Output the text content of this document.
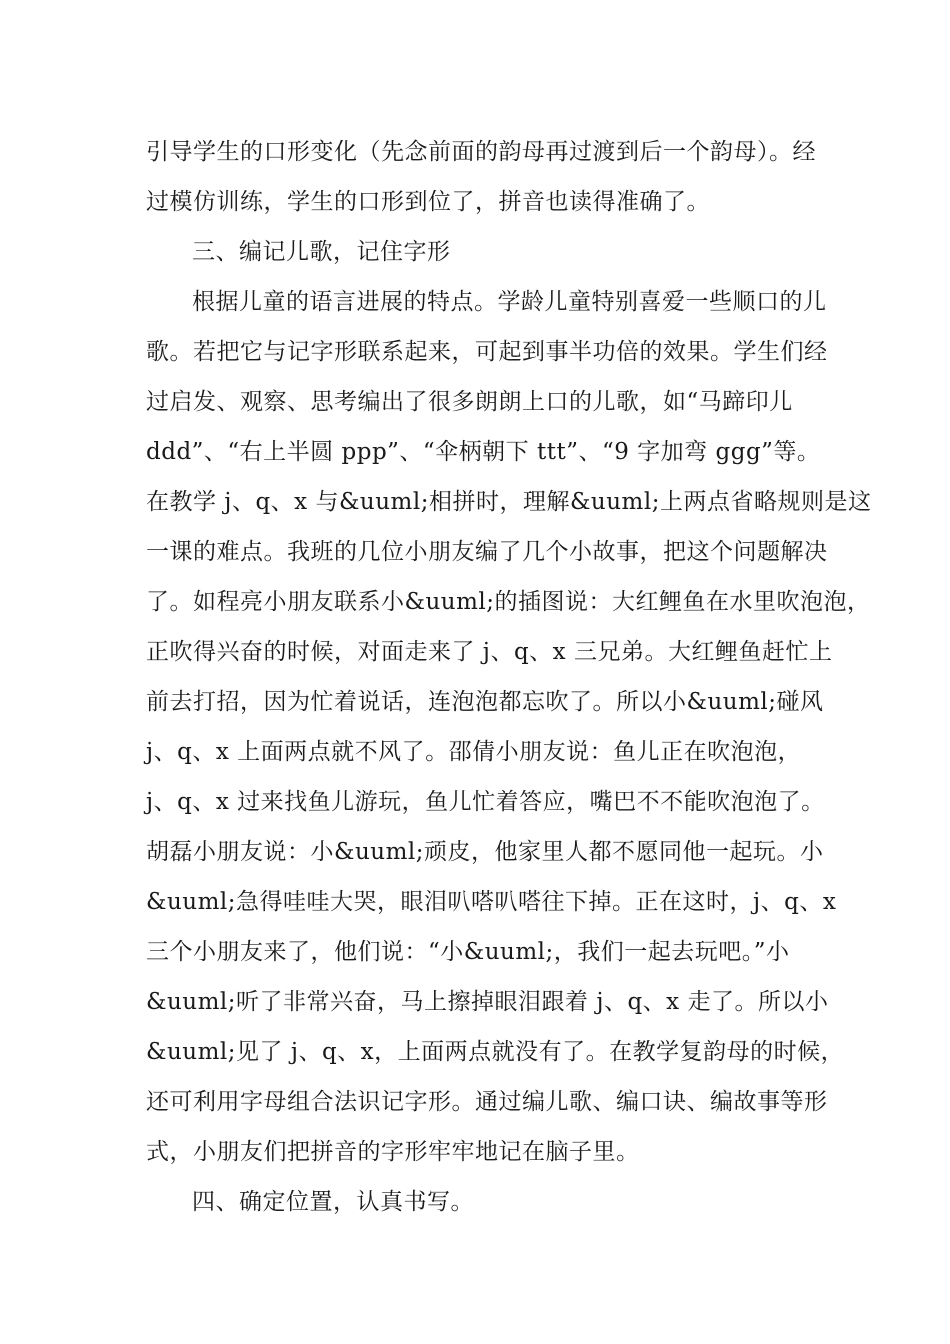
引导学生的口形变化（先念前面的韵母再过渡到后一个韵母）。经

过模仿训练，学生的口形到位了，拼音也读得准确了。

三、编记儿歌，记住字形

根据儿童的语言进展的特点。学龄儿童特别喜爱一些顺口的儿

歌。若把它与记字形联系起来，可起到事半功倍的效果。学生们经

过启发、观察、思考编出了很多朗朗上口的儿歌，如“马蹄印儿

ddd”、“右上半圆 ppp”、“伞柄朝下 ttt”、“9 字加弯 ggg”等。

在教学 j、q、x 与&uuml;相拼时，理解&uuml;上两点省略规则是这

一课的难点。我班的几位小朋友编了几个小故事，把这个问题解决

了。如程亮小朋友联系小&uuml;的插图说：大红鲤鱼在水里吹泡泡，

正吹得兴奋的时候，对面走来了 j、q、x 三兄弟。大红鲤鱼赶忙上

前去打招，因为忙着说话，连泡泡都忘吹了。所以小&uuml;碰风

j、q、x 上面两点就不风了。邵倩小朋友说：鱼儿正在吹泡泡，

j、q、x 过来找鱼儿游玩，鱼儿忙着答应，嘴巴不不能吹泡泡了。

胡磊小朋友说：小&uuml;顽皮，他家里人都不愿同他一起玩。小

&uuml;急得哇哇大哭，眼泪叭嗒叭嗒往下掉。正在这时，j、q、x

三个小朋友来了，他们说：“小&uuml;，我们一起去玩吧。”小

&uuml;听了非常兴奋，马上擦掉眼泪跟着 j、q、x 走了。所以小

&uuml;见了 j、q、x，上面两点就没有了。在教学复韵母的时候，

还可利用字母组合法识记字形。通过编儿歌、编口诀、编故事等形

式，小朋友们把拼音的字形牢牢地记在脑子里。

四、确定位置，认真书写。
